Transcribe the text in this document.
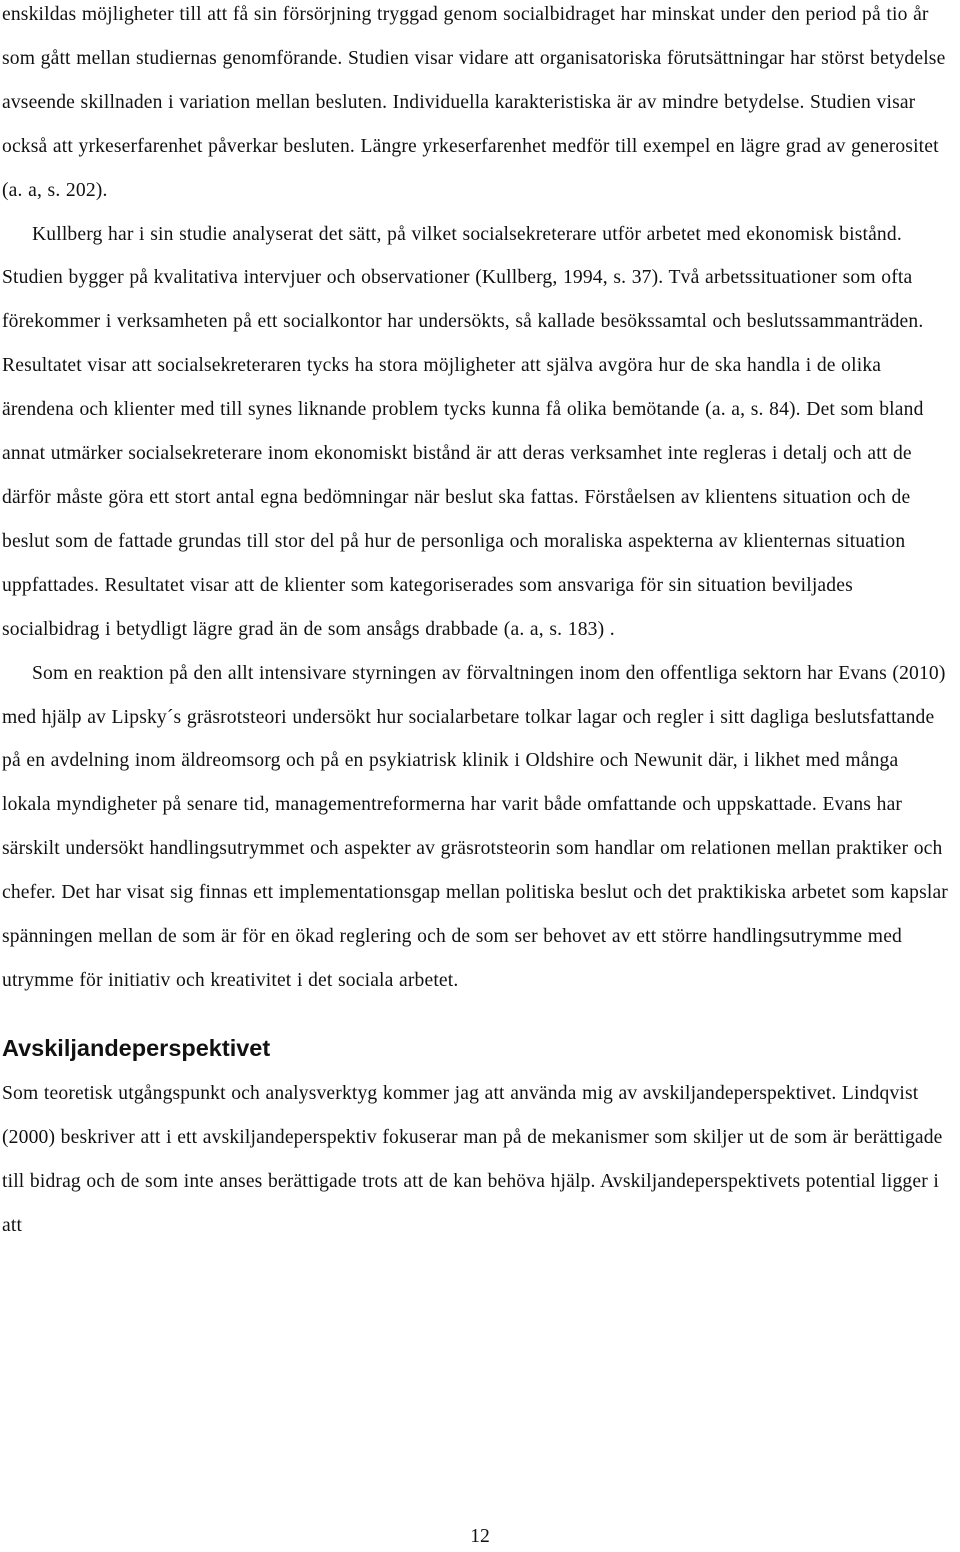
enskildas möjligheter till att få sin försörjning tryggad genom socialbidraget har minskat under den period på tio år som gått mellan studiernas genomförande. Studien visar vidare att organisatoriska förutsättningar har störst betydelse avseende skillnaden i variation mellan besluten. Individuella karakteristiska är av mindre betydelse. Studien visar också att yrkeserfarenhet påverkar besluten. Längre yrkeserfarenhet medför till exempel en lägre grad av generositet (a. a, s. 202).

Kullberg har i sin studie analyserat det sätt, på vilket socialsekreterare utför arbetet med ekonomisk bistånd. Studien bygger på kvalitativa intervjuer och observationer (Kullberg, 1994, s. 37). Två arbetssituationer som ofta förekommer i verksamheten på ett socialkontor har undersökts, så kallade besökssamtal och beslutssammanträden. Resultatet visar att socialsekreteraren tycks ha stora möjligheter att själva avgöra hur de ska handla i de olika ärendena och klienter med till synes liknande problem tycks kunna få olika bemötande (a. a, s. 84). Det som bland annat utmärker socialsekreterare inom ekonomiskt bistånd är att deras verksamhet inte regleras i detalj och att de därför måste göra ett stort antal egna bedömningar när beslut ska fattas. Förståelsen av klientens situation och de beslut som de fattade grundas till stor del på hur de personliga och moraliska aspekterna av klienternas situation uppfattades. Resultatet visar att de klienter som kategoriserades som ansvariga för sin situation beviljades socialbidrag i betydligt lägre grad än de som ansågs drabbade (a. a, s. 183) .

Som en reaktion på den allt intensivare styrningen av förvaltningen inom den offentliga sektorn har Evans (2010) med hjälp av Lipsky´s gräsrotsteori undersökt hur socialarbetare tolkar lagar och regler i sitt dagliga beslutsfattande på en avdelning inom äldreomsorg och på en psykiatrisk klinik i Oldshire och Newunit där, i likhet med många lokala myndigheter på senare tid, managementreformerna har varit både omfattande och uppskattade. Evans har särskilt undersökt handlingsutrymmet och aspekter av gräsrotsteorin som handlar om relationen mellan praktiker och chefer. Det har visat sig finnas ett implementationsgap mellan politiska beslut och det praktikiska arbetet som kapslar spänningen mellan de som är för en ökad reglering och de som ser behovet av ett större handlingsutrymme med utrymme för initiativ och kreativitet i det sociala arbetet.

Avskiljandeperspektivet

Som teoretisk utgångspunkt och analysverktyg kommer jag att använda mig av avskiljandeperspektivet. Lindqvist (2000) beskriver att i ett avskiljandeperspektiv fokuserar man på de mekanismer som skiljer ut de som är berättigade till bidrag och de som inte anses berättigade trots att de kan behöva hjälp. Avskiljandeperspektivets potential ligger i att

12
